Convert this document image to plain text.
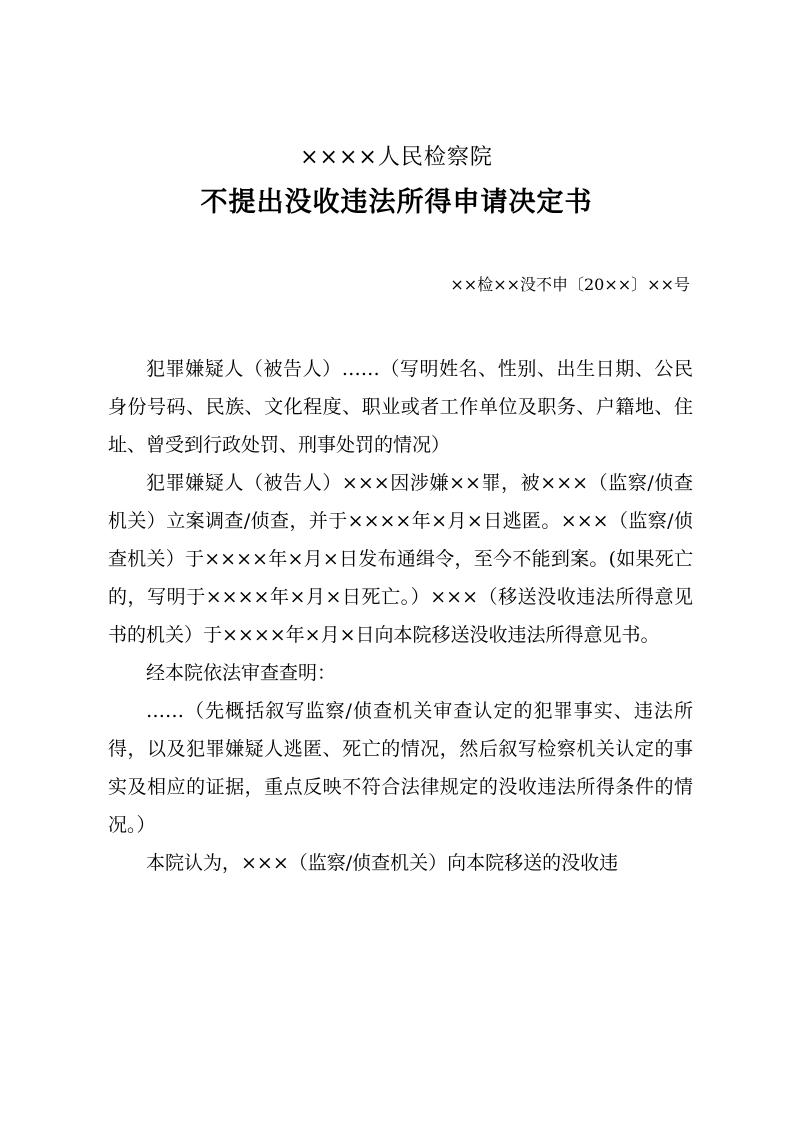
××××人民检察院
不提出没收违法所得申请决定书
××检××没不申〔20××〕××号

犯罪嫌疑人（被告人）……（写明姓名、性别、出生日期、公民身份号码、民族、文化程度、职业或者工作单位及职务、户籍地、住址、曾受到行政处罚、刑事处罚的情况）

犯罪嫌疑人（被告人）×××因涉嫌××罪，被×××（监察/侦查机关）立案调查/侦查，并于××××年×月×日逃匿。×××（监察/侦查机关）于××××年×月×日发布通缉令，至今不能到案。(如果死亡的，写明于××××年×月×日死亡。）×××（移送没收违法所得意见书的机关）于××××年×月×日向本院移送没收违法所得意见书。

经本院依法审查查明：

……（先概括叙写监察/侦查机关审查认定的犯罪事实、违法所得，以及犯罪嫌疑人逃匿、死亡的情况，然后叙写检察机关认定的事实及相应的证据，重点反映不符合法律规定的没收违法所得条件的情况。）

本院认为，×××（监察/侦查机关）向本院移送的没收违
